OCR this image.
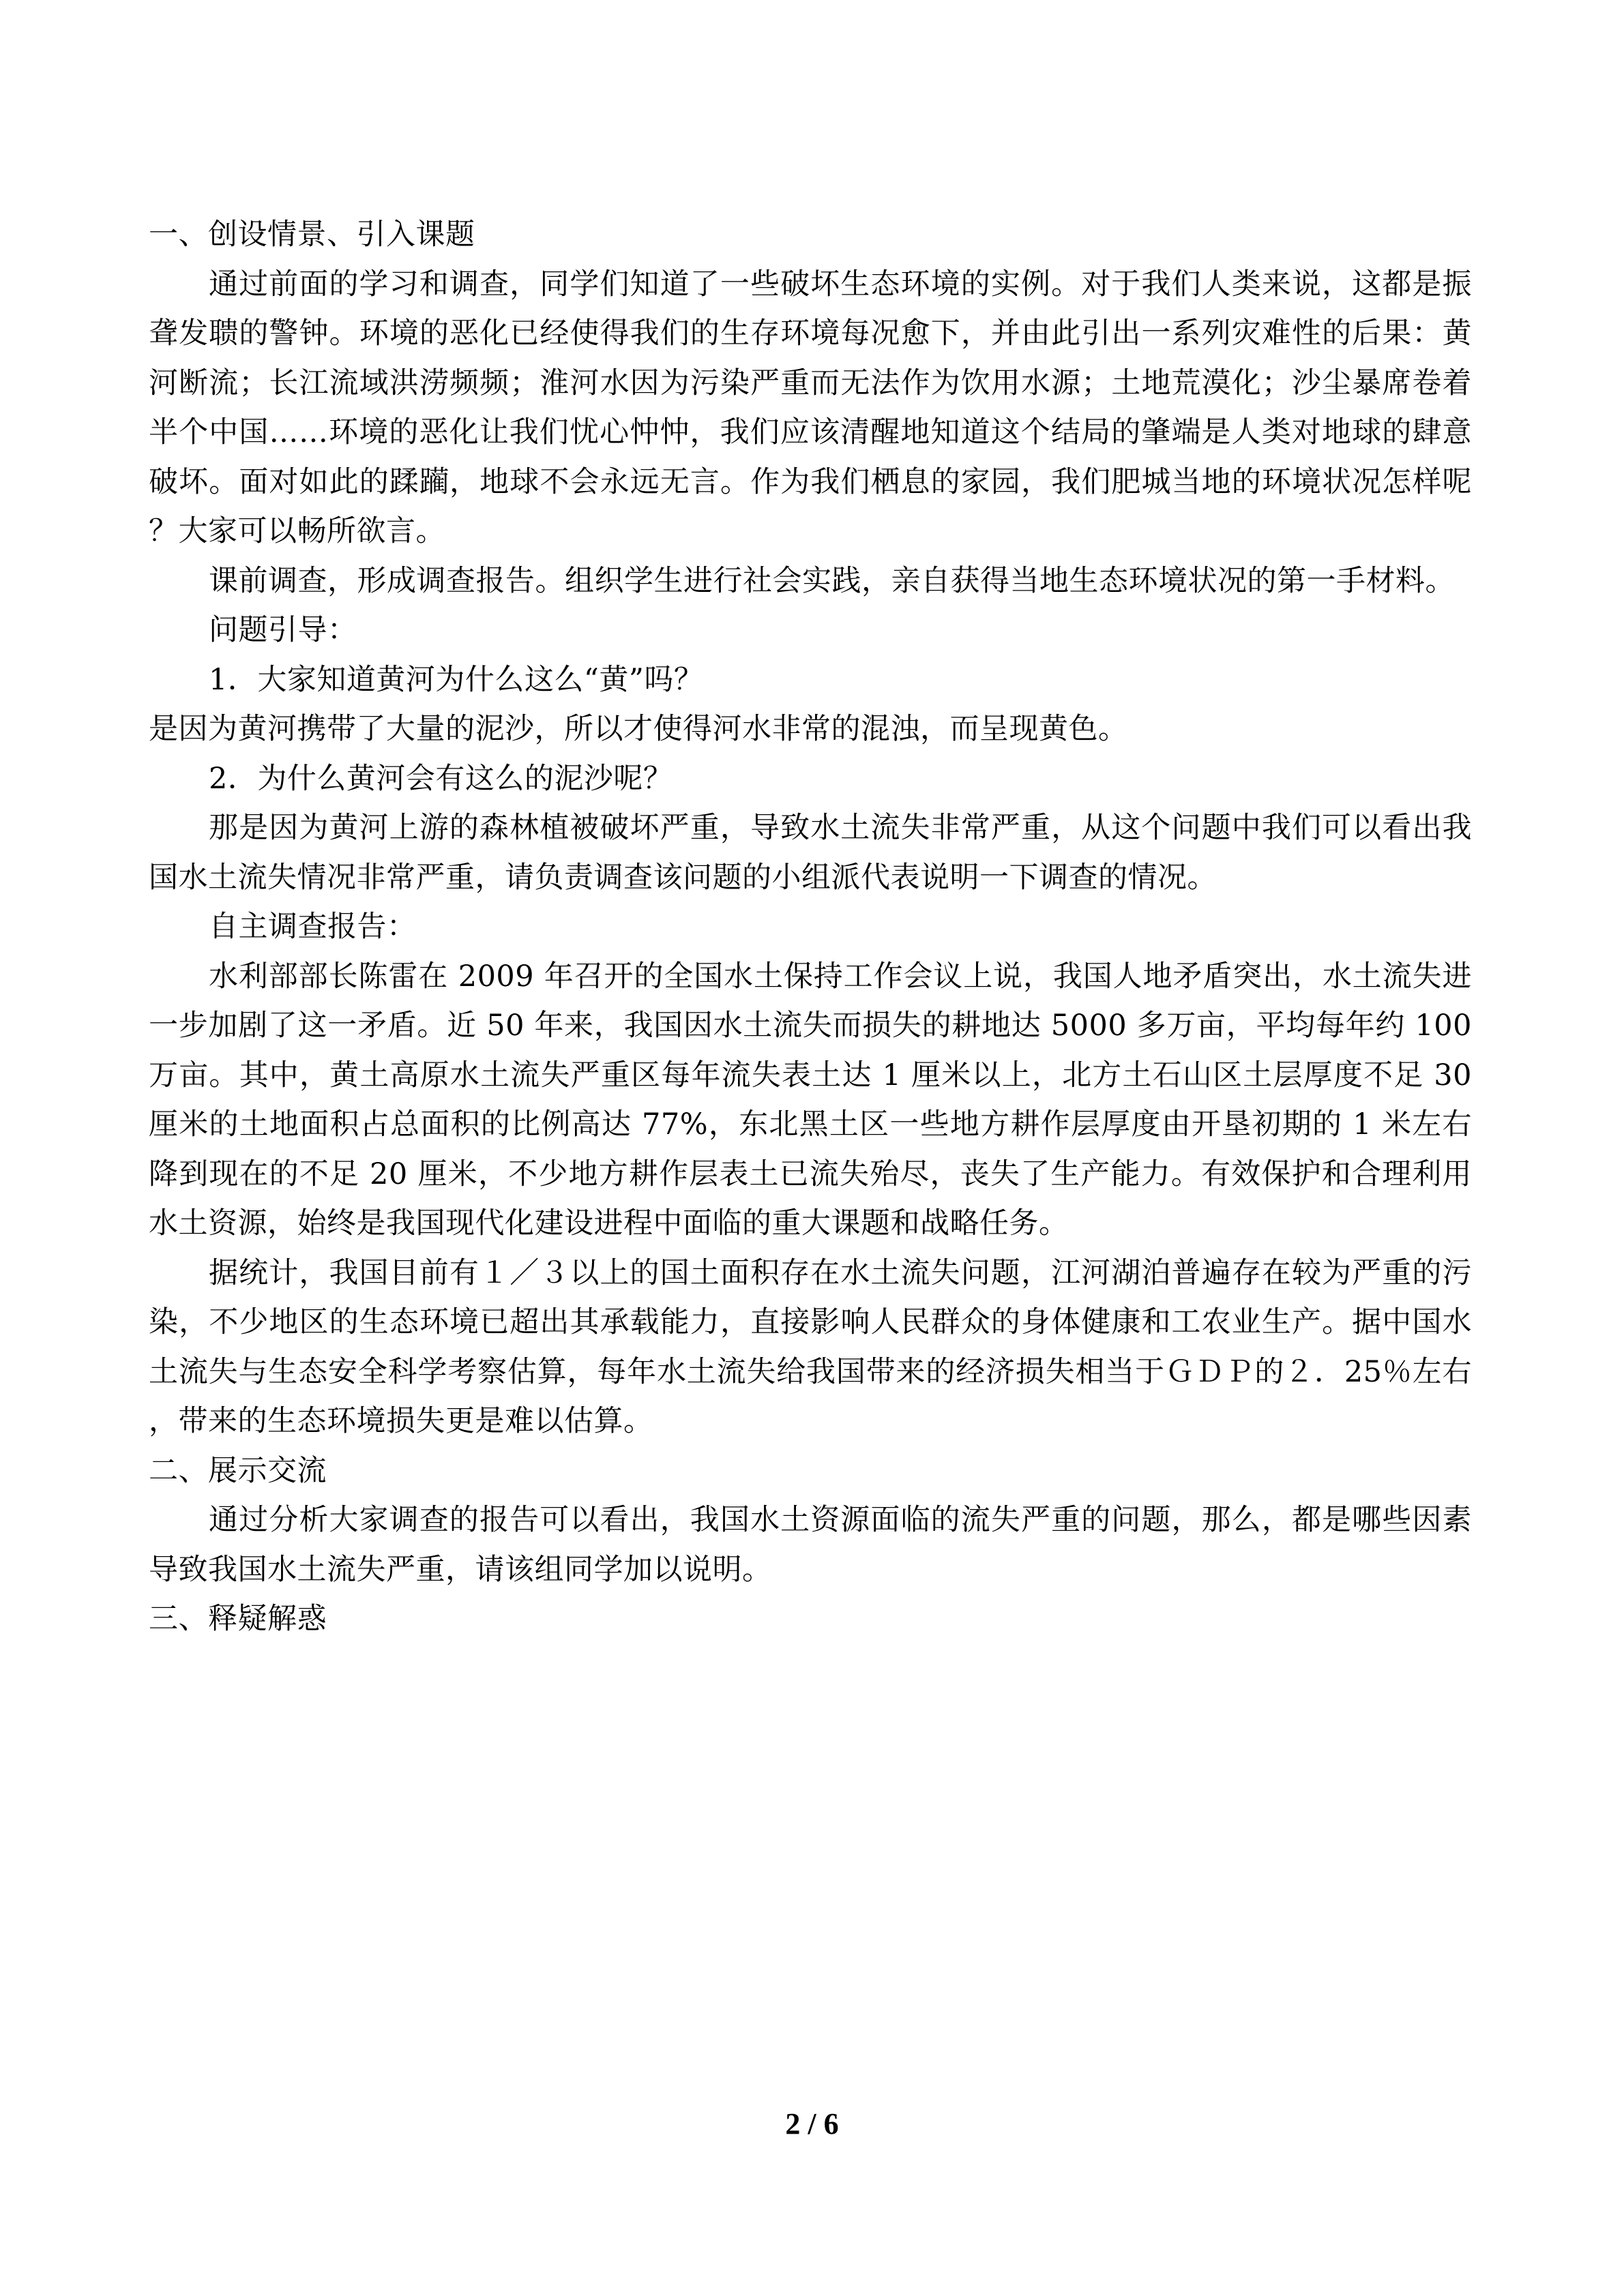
一、创设情景、引入课题

通过前面的学习和调查，同学们知道了一些破坏生态环境的实例。对于我们人类来说，这都是振聋发聩的警钟。环境的恶化已经使得我们的生存环境每况愈下，并由此引出一系列灾难性的后果：黄河断流；长江流域洪涝频频；淮河水因为污染严重而无法作为饮用水源；土地荒漠化；沙尘暴席卷着半个中国……环境的恶化让我们忧心忡忡，我们应该清醒地知道这个结局的肇端是人类对地球的肆意破坏。面对如此的蹂躏，地球不会永远无言。作为我们栖息的家园，我们肥城当地的环境状况怎样呢？大家可以畅所欲言。

课前调查，形成调查报告。组织学生进行社会实践，亲自获得当地生态环境状况的第一手材料。

问题引导：

1．大家知道黄河为什么这么“黄”吗？

是因为黄河携带了大量的泥沙，所以才使得河水非常的混浊，而呈现黄色。

2．为什么黄河会有这么的泥沙呢？

那是因为黄河上游的森林植被破坏严重，导致水土流失非常严重，从这个问题中我们可以看出我国水土流失情况非常严重，请负责调查该问题的小组派代表说明一下调查的情况。

自主调查报告：

水利部部长陈雷在 2009 年召开的全国水土保持工作会议上说，我国人地矛盾突出，水土流失进一步加剧了这一矛盾。近 50 年来，我国因水土流失而损失的耕地达 5000 多万亩，平均每年约 100 万亩。其中，黄土高原水土流失严重区每年流失表土达 1 厘米以上，北方土石山区土层厚度不足 30 厘米的土地面积占总面积的比例高达 77%，东北黑土区一些地方耕作层厚度由开垦初期的 1 米左右降到现在的不足 20 厘米，不少地方耕作层表土已流失殆尽，丧失了生产能力。有效保护和合理利用水土资源，始终是我国现代化建设进程中面临的重大课题和战略任务。

据统计，我国目前有１／３以上的国土面积存在水土流失问题，江河湖泊普遍存在较为严重的污染，不少地区的生态环境已超出其承载能力，直接影响人民群众的身体健康和工农业生产。据中国水土流失与生态安全科学考察估算，每年水土流失给我国带来的经济损失相当于ＧＤＰ的２．25％左右，带来的生态环境损失更是难以估算。

二、展示交流

通过分析大家调查的报告可以看出，我国水土资源面临的流失严重的问题，那么，都是哪些因素导致我国水土流失严重，请该组同学加以说明。

三、释疑解惑

2 / 6
